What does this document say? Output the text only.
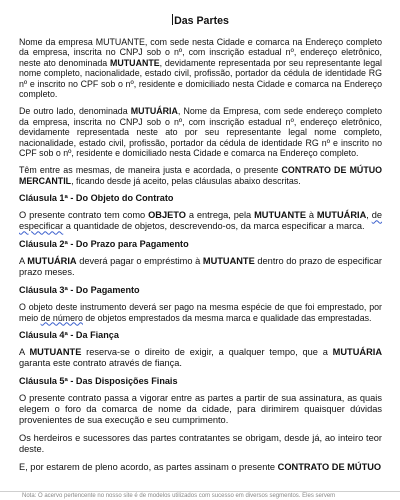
Das Partes

Nome da empresa MUTUANTE, com sede nesta Cidade e comarca na Endereço completo da empresa, inscrita no CNPJ sob o nº, com inscrição estadual nº, endereço eletrônico, neste ato denominada MUTUANTE, devidamente representada por seu representante legal nome completo, nacionalidade, estado civil, profissão, portador da cédula de identidade RG nº e inscrito no CPF sob o nº, residente e domiciliado nesta Cidade e comarca na Endereço completo.

De outro lado, denominada MUTUÁRIA, Nome da Empresa, com sede endereço completo da empresa, inscrita no CNPJ sob o nº, com inscrição estadual nº, endereço eletrônico, devidamente representada neste ato por seu representante legal nome completo, nacionalidade, estado civil, profissão, portador da cédula de identidade RG nº e inscrito no CPF sob o nº, residente e domiciliado nesta Cidade e comarca na Endereço completo.

Têm entre as mesmas, de maneira justa e acordada, o presente CONTRATO DE MÚTUO MERCANTIL, ficando desde já aceito, pelas cláusulas abaixo descritas.

Cláusula 1ª - Do Objeto do Contrato

O presente contrato tem como OBJETO a entrega, pela MUTUANTE à MUTUÁRIA, de especificar a quantidade de objetos, descrevendo-os, da marca especificar a marca.

Cláusula 2ª - Do Prazo para Pagamento

A MUTUÁRIA deverá pagar o empréstimo à MUTUANTE dentro do prazo de especificar prazo meses.

Cláusula 3ª - Do Pagamento

O objeto deste instrumento deverá ser pago na mesma espécie de que foi emprestado, por meio de número de objetos emprestados da mesma marca e qualidade das emprestadas.

Cláusula 4ª - Da Fiança

A MUTUANTE reserva-se o direito de exigir, a qualquer tempo, que a MUTUÁRIA garanta este contrato através de fiança.

Cláusula 5ª - Das Disposições Finais

O presente contrato passa a vigorar entre as partes a partir de sua assinatura, as quais elegem o foro da comarca de nome da cidade, para dirimirem quaisquer dúvidas provenientes de sua execução e seu cumprimento.

Os herdeiros e sucessores das partes contratantes se obrigam, desde já, ao inteiro teor deste.

E, por estarem de pleno acordo, as partes assinam o presente CONTRATO DE MÚTUO

Nota: O acervo pertencente no nosso site é de modelos utilizados com sucesso em diversos segmentos. Eles servem
